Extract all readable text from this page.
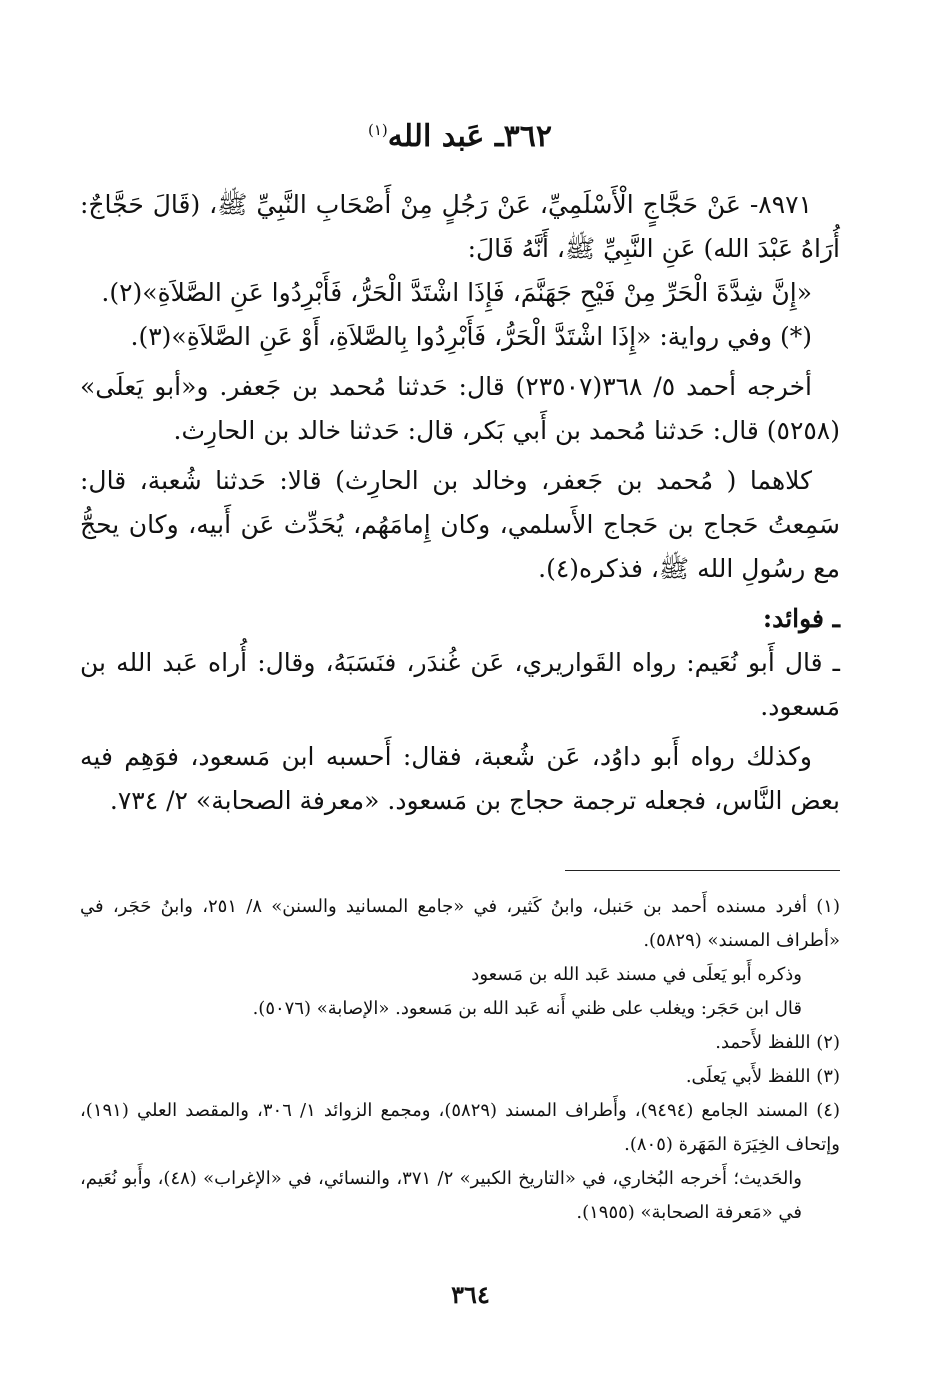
٣٦٢ـ عَبد الله$^{(١)}$

٨٩٧١- عَنْ حَجَّاجٍ الْأَسْلَمِيِّ، عَنْ رَجُلٍ مِنْ أَصْحَابِ النَّبِيِّ ﷺ، (قَالَ حَجَّاجٌ: أُرَاهُ عَبْدَ الله) عَنِ النَّبِيِّ ﷺ، أَنَّهُ قَالَ:

«إِنَّ شِدَّةَ الْحَرِّ مِنْ فَيْحِ جَهَنَّمَ، فَإِذَا اشْتَدَّ الْحَرُّ، فَأَبْرِدُوا عَنِ الصَّلاَةِ»(٢).

(*) وفي رواية: «إِذَا اشْتَدَّ الْحَرُّ، فَأَبْرِدُوا بِالصَّلاَةِ، أَوْ عَنِ الصَّلاَةِ»(٣).

أخرجه أحمد ٥/ ٣٦٨(٢٣٥٠٧) قال: حَدثنا مُحمد بن جَعفر. و«أبو يَعلَى» (٥٢٥٨) قال: حَدثنا مُحمد بن أَبي بَكر، قال: حَدثنا خالد بن الحارِث.

كلاهما ( مُحمد بن جَعفر، وخالد بن الحارِث) قالا: حَدثنا شُعبة، قال: سَمِعتُ حَجاج بن حَجاج الأَسلمي، وكان إِمامَهُم، يُحَدِّث عَن أَبيه، وكان يحجُّ مع رسُولِ الله ﷺ، فذكره(٤).

ـ فوائد:

ـ قال أَبو نُعَيم: رواه القَواريري، عَن غُندَر، فنَسَبَهُ، وقال: أُراه عَبد الله بن مَسعود.

وكذلك رواه أَبو داوُد، عَن شُعبة، فقال: أَحسبه ابن مَسعود، فوَهِم فيه بعض النَّاس، فجعله ترجمة حجاج بن مَسعود. «معرفة الصحابة» ٢/ ٧٣٤.

(١) أفرد مسنده أَحمد بن حَنبل، وابنُ كَثير، في «جامع المسانيد والسنن» ٨/ ٢٥١، وابنُ حَجَر، في «أطراف المسند» (٥٨٢٩).

وذكره أَبو يَعلَى في مسند عَبد الله بن مَسعود

قال ابن حَجَر: ويغلب على ظني أَنه عَبد الله بن مَسعود. «الإصابة» (٥٠٧٦).

(٢) اللفظ لأَحمد.

(٣) اللفظ لأَبي يَعلَى.

(٤) المسند الجامع (٩٤٩٤)، وأَطراف المسند (٥٨٢٩)، ومجمع الزوائد ١/ ٣٠٦، والمقصد العلي (١٩١)، وإتحاف الخِيَرَة المَهَرة (٨٠٥).

والحَديث؛ أَخرجه البُخاري، في «التاريخ الكبير» ٢/ ٣٧١، والنسائي، في «الإغراب» (٤٨)، وأَبو نُعَيم، في «مَعرفة الصحابة» (١٩٥٥).

٣٦٤
